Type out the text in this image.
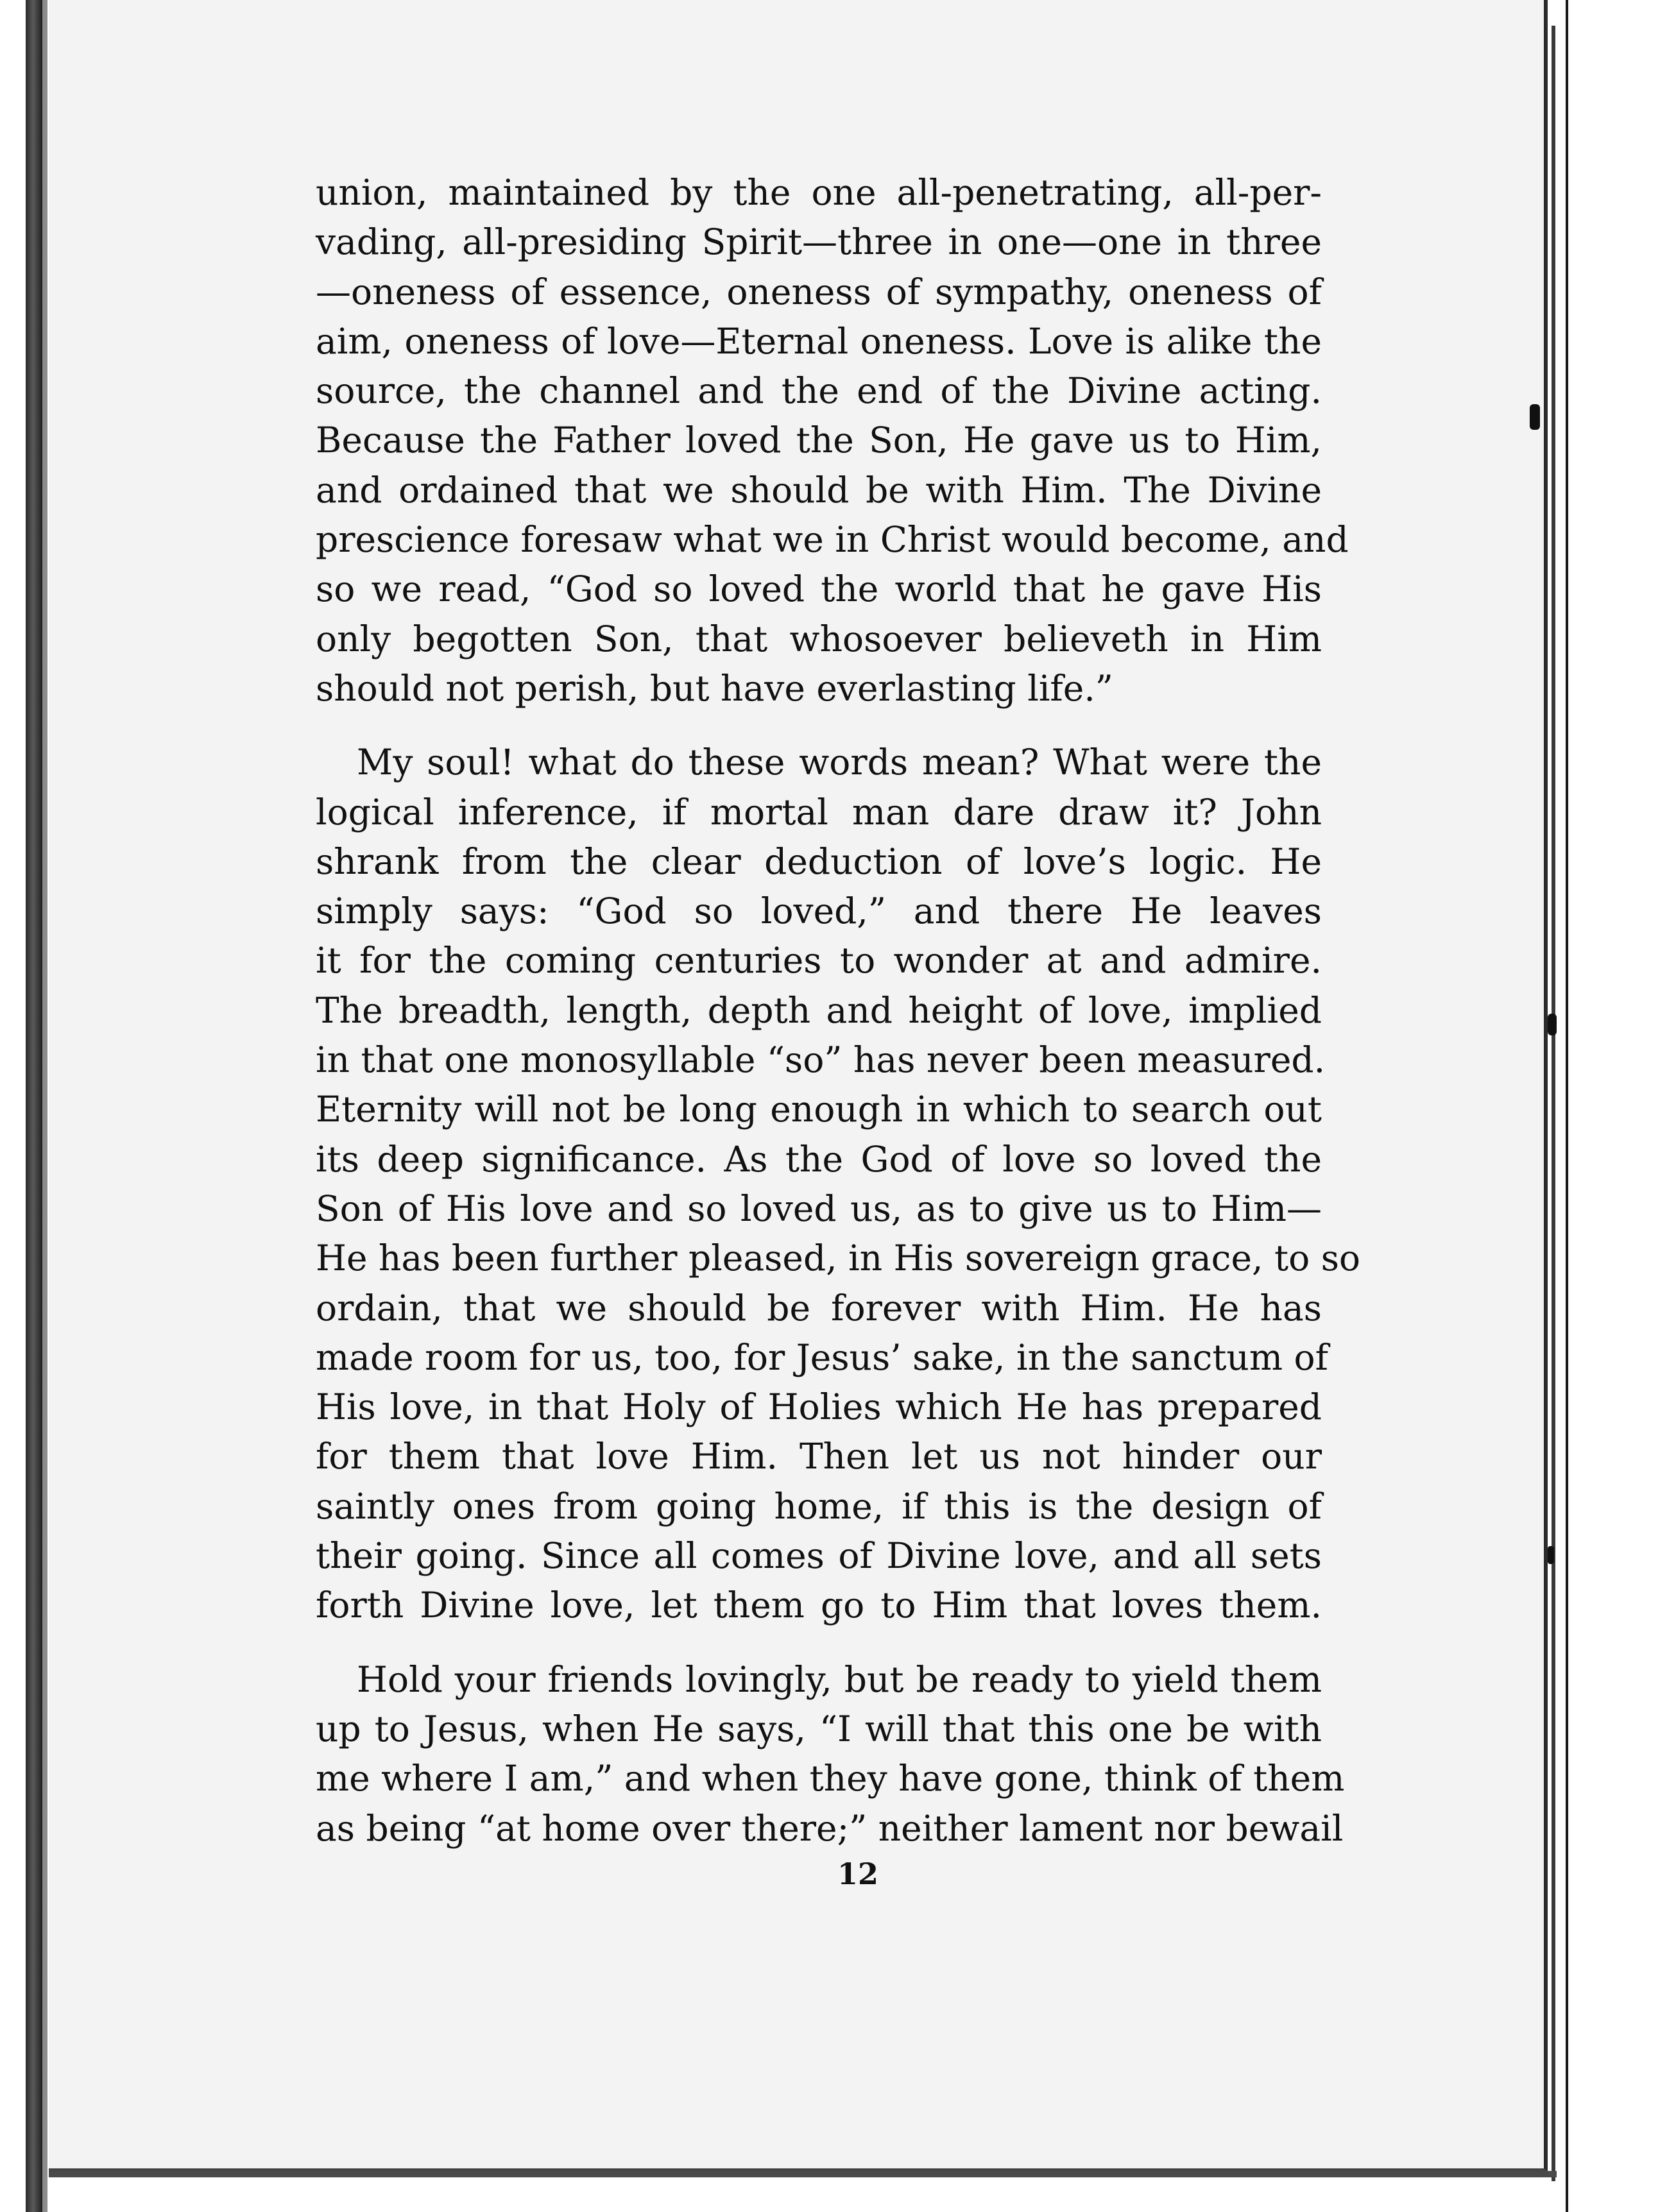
union, maintained by the one all-penetrating, all-per-
vading, all-presiding Spirit—three in one—one in three
—oneness of essence, oneness of sympathy, oneness of
aim, oneness of love—Eternal oneness. Love is alike the
source, the channel and the end of the Divine acting.
Because the Father loved the Son, He gave us to Him,
and ordained that we should be with Him. The Divine
prescience foresaw what we in Christ would become, and
so we read, “God so loved the world that he gave His
only begotten Son, that whosoever believeth in Him
should not perish, but have everlasting life.”
My soul! what do these words mean? What were the
logical inference, if mortal man dare draw it? John
shrank from the clear deduction of love’s logic. He
simply says: “God so loved,” and there He leaves
it for the coming centuries to wonder at and admire.
The breadth, length, depth and height of love, implied
in that one monosyllable “so” has never been measured.
Eternity will not be long enough in which to search out
its deep significance. As the God of love so loved the
Son of His love and so loved us, as to give us to Him—
He has been further pleased, in His sovereign grace, to so
ordain, that we should be forever with Him. He has
made room for us, too, for Jesus’ sake, in the sanctum of
His love, in that Holy of Holies which He has prepared
for them that love Him. Then let us not hinder our
saintly ones from going home, if this is the design of
their going. Since all comes of Divine love, and all sets
forth Divine love, let them go to Him that loves them.
Hold your friends lovingly, but be ready to yield them
up to Jesus, when He says, “I will that this one be with
me where I am,” and when they have gone, think of them
as being “at home over there;” neither lament nor bewail
12
